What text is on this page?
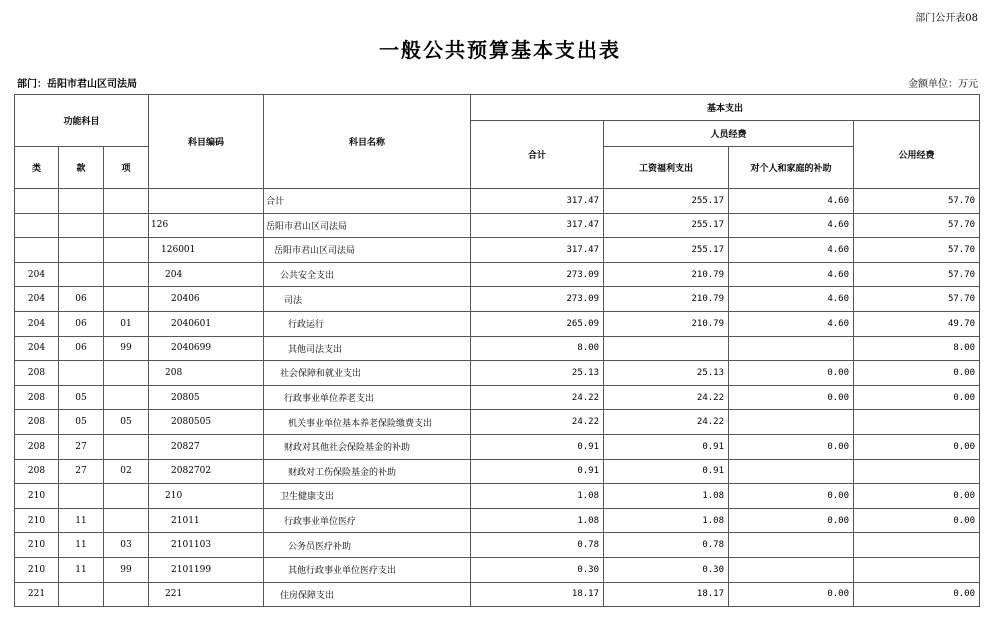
部门公开表08
一般公共预算基本支出表
部门：岳阳市君山区司法局	金额单位：万元
功能科目			科目编码	科目名称	基本支出			
					合计	人员经费		公用经费
类	款	项				工资福利支出	对个人和家庭的补助	
				合计	317.47	255.17	4.60	57.70
			126	岳阳市君山区司法局	317.47	255.17	4.60	57.70
			126001	岳阳市君山区司法局	317.47	255.17	4.60	57.70
204			204	公共安全支出	273.09	210.79	4.60	57.70
204	06		20406	司法	273.09	210.79	4.60	57.70
204	06	01	2040601	行政运行	265.09	210.79	4.60	49.70
204	06	99	2040699	其他司法支出	8.00			8.00
208			208	社会保障和就业支出	25.13	25.13	0.00	0.00
208	05		20805	行政事业单位养老支出	24.22	24.22	0.00	0.00
208	05	05	2080505	机关事业单位基本养老保险缴费支出	24.22	24.22		
208	27		20827	财政对其他社会保险基金的补助	0.91	0.91	0.00	0.00
208	27	02	2082702	财政对工伤保险基金的补助	0.91	0.91		
210			210	卫生健康支出	1.08	1.08	0.00	0.00
210	11		21011	行政事业单位医疗	1.08	1.08	0.00	0.00
210	11	03	2101103	公务员医疗补助	0.78	0.78		
210	11	99	2101199	其他行政事业单位医疗支出	0.30	0.30		
221			221	住房保障支出	18.17	18.17	0.00	0.00
